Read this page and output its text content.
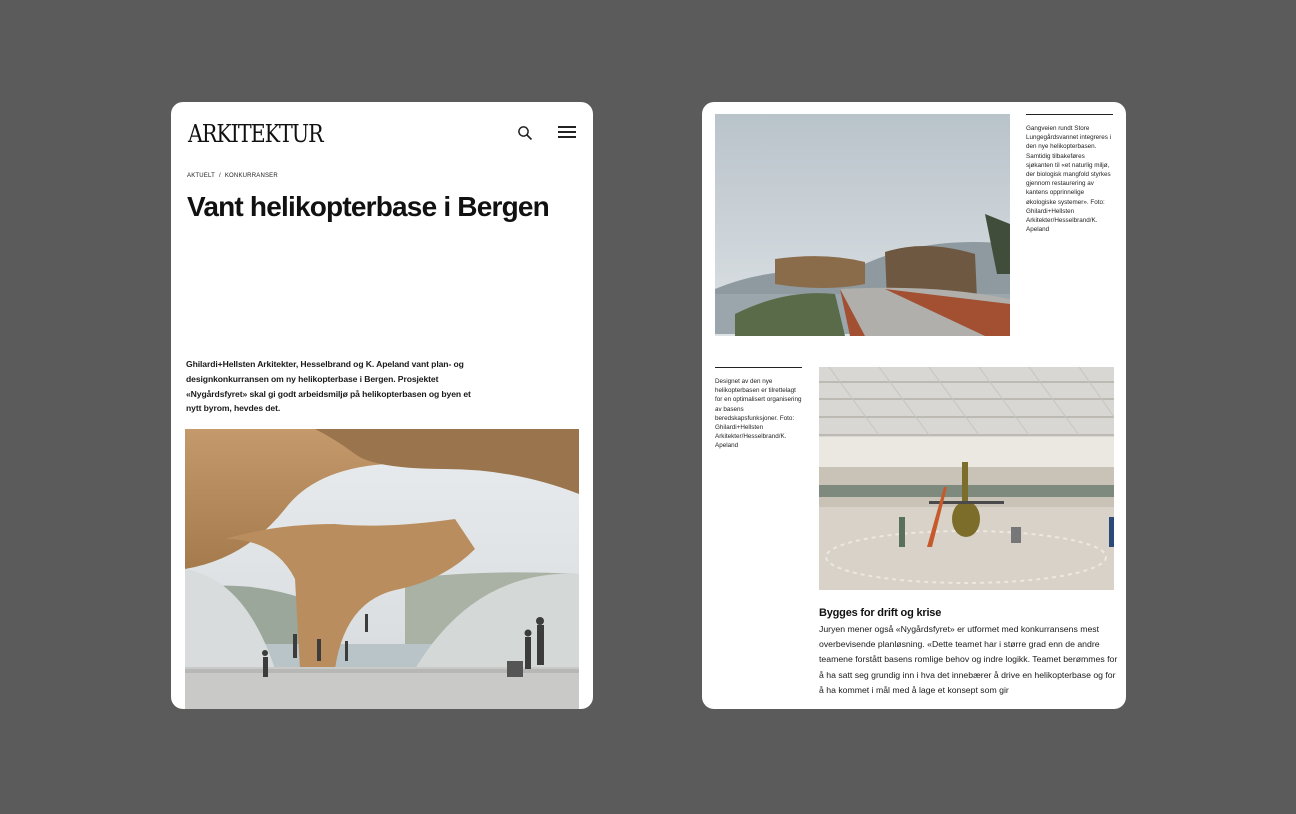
ARKITEKTUR
AKTUELT / KONKURRANSER
Vant helikopterbase i Bergen
Ghilardi+Hellsten Arkitekter, Hesselbrand og K. Apeland vant plan- og designkonkurransen om ny helikopterbase i Bergen. Prosjektet «Nygårdsfyret» skal gi godt arbeidsmiljø på helikopterbasen og byen et nytt byrom, hevdes det.
Gangveien rundt Store Lungegårdsvannet integreres i den nye helikopterbasen. Samtidig tilbakeføres sjøkanten til «et naturlig miljø, der biologisk mangfold styrkes gjennom restaurering av kantens opprinnelige økologiske systemer». Foto: Ghilardi+Hellsten Arkitekter/Hesselbrand/K. Apeland
Designet av den nye helikopterbasen er tilrettelagt for en optimalisert organisering av basens beredskapsfunksjoner. Foto: Ghilardi+Hellsten Arkitekter/Hesselbrand/K. Apeland
Bygges for drift og krise
Juryen mener også «Nygårdsfyret» er utformet med konkurransens mest overbevisende planløsning. «Dette teamet har i større grad enn de andre teamene forstått basens romlige behov og indre logikk. Teamet berømmes for å ha satt seg grundig inn i hva det innebærer å drive en helikopterbase og for å ha kommet i mål med å lage et konsept som gir
